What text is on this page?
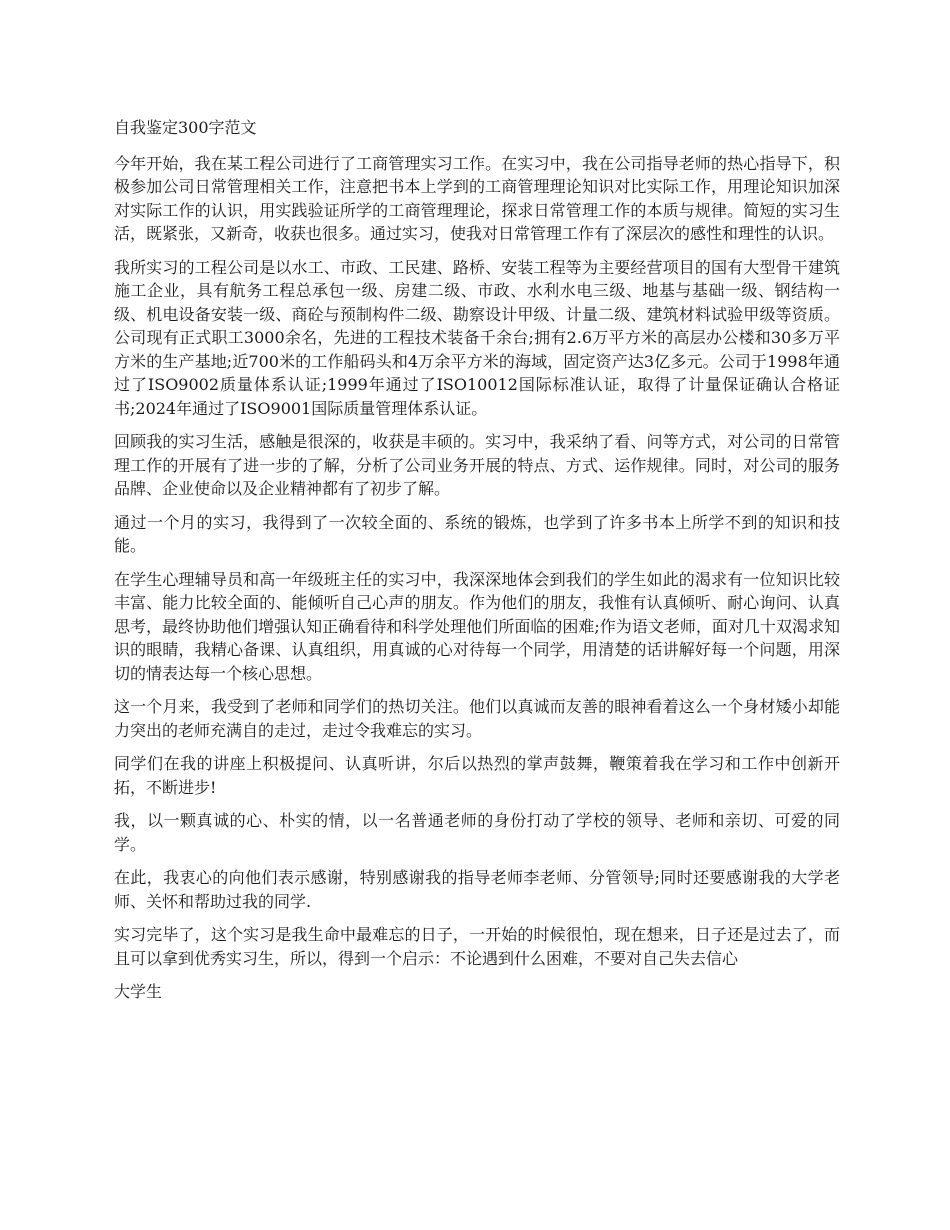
自我鉴定300字范文

今年开始，我在某工程公司进行了工商管理实习工作。在实习中，我在公司指导老师的热心指导下，积极参加公司日常管理相关工作，注意把书本上学到的工商管理理论知识对比实际工作，用理论知识加深对实际工作的认识，用实践验证所学的工商管理理论，探求日常管理工作的本质与规律。简短的实习生活，既紧张，又新奇，收获也很多。通过实习，使我对日常管理工作有了深层次的感性和理性的认识。

我所实习的工程公司是以水工、市政、工民建、路桥、安装工程等为主要经营项目的国有大型骨干建筑施工企业，具有航务工程总承包一级、房建二级、市政、水利水电三级、地基与基础一级、钢结构一级、机电设备安装一级、商砼与预制构件二级、勘察设计甲级、计量二级、建筑材料试验甲级等资质。公司现有正式职工3000余名，先进的工程技术装备千余台;拥有2.6万平方米的高层办公楼和30多万平方米的生产基地;近700米的工作船码头和4万余平方米的海域，固定资产达3亿多元。公司于1998年通过了ISO9002质量体系认证;1999年通过了ISO10012国际标准认证，取得了计量保证确认合格证书;2024年通过了ISO9001国际质量管理体系认证。

回顾我的实习生活，感触是很深的，收获是丰硕的。实习中，我采纳了看、问等方式，对公司的日常管理工作的开展有了进一步的了解，分析了公司业务开展的特点、方式、运作规律。同时，对公司的服务品牌、企业使命以及企业精神都有了初步了解。

通过一个月的实习，我得到了一次较全面的、系统的锻炼，也学到了许多书本上所学不到的知识和技能。

在学生心理辅导员和高一年级班主任的实习中，我深深地体会到我们的学生如此的渴求有一位知识比较丰富、能力比较全面的、能倾听自己心声的朋友。作为他们的朋友，我惟有认真倾听、耐心询问、认真思考，最终协助他们增强认知正确看待和科学处理他们所面临的困难;作为语文老师，面对几十双渴求知识的眼睛，我精心备课、认真组织，用真诚的心对待每一个同学，用清楚的话讲解好每一个问题，用深切的情表达每一个核心思想。

这一个月来，我受到了老师和同学们的热切关注。他们以真诚而友善的眼神看着这么一个身材矮小却能力突出的老师充满自的走过，走过令我难忘的实习。

同学们在我的讲座上积极提问、认真听讲，尔后以热烈的掌声鼓舞，鞭策着我在学习和工作中创新开拓，不断进步!

我，以一颗真诚的心、朴实的情，以一名普通老师的身份打动了学校的领导、老师和亲切、可爱的同学。

在此，我衷心的向他们表示感谢，特别感谢我的指导老师李老师、分管领导;同时还要感谢我的大学老师、关怀和帮助过我的同学.

实习完毕了，这个实习是我生命中最难忘的日子，一开始的时候很怕，现在想来，日子还是过去了，而且可以拿到优秀实习生，所以，得到一个启示：不论遇到什么困难，不要对自己失去信心

大学生
